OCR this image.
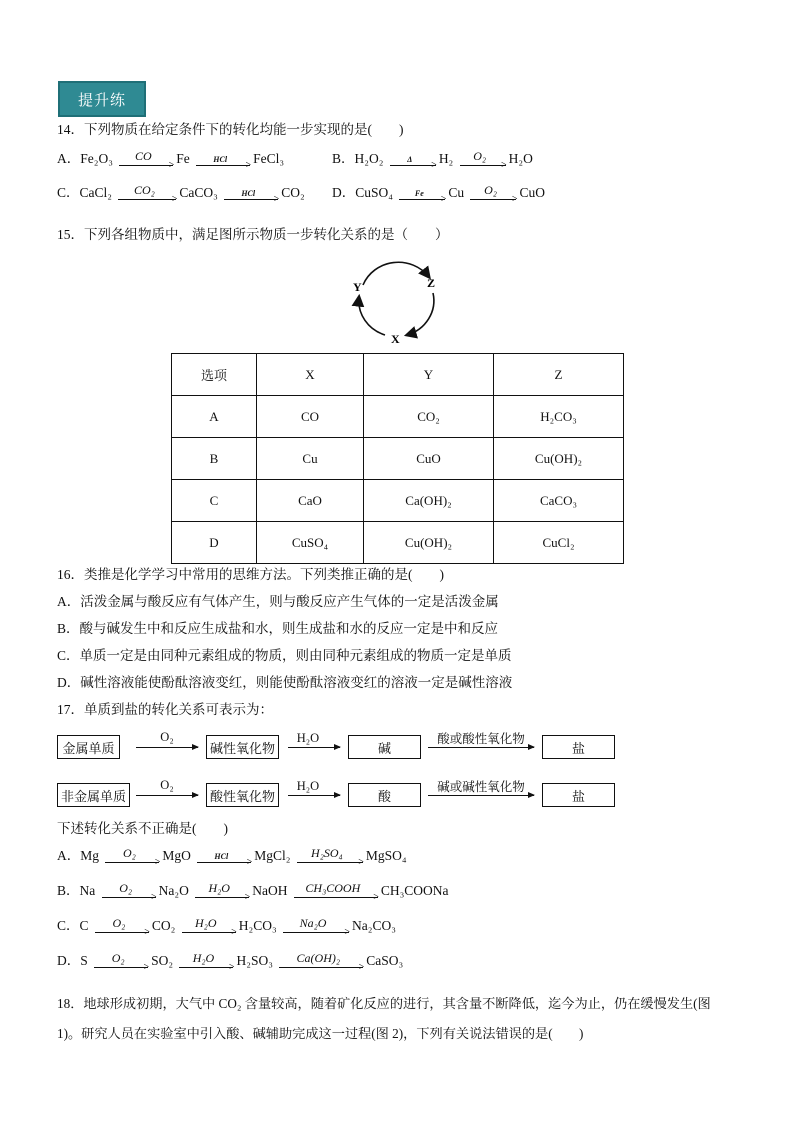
提升练
14．下列物质在给定条件下的转化均能一步实现的是(　　)
A．Fe₂O₃	CO
> Fe	HCl
> FeCl₃	B．H₂O₂	Δ
> H₂	O₂
> H₂O
C．CaCl₂	CO₂
> CaCO₃	HCl
> CO₂ D．CuSO₄	Fe
> Cu	O₂
> CuO
15．下列各组物质中，满足图所示物质一步转化关系的是（　　）
Y	Z
X
选项	X	Y	Z
A	CO	CO₂	H₂CO₃
B	Cu	CuO	Cu(OH)₂
C	CaO	Ca(OH)₂	CaCO₃
D	CuSO₄	Cu(OH)₂	CuCl₂
16．类推是化学学习中常用的思维方法。下列类推正确的是(　　)
A．活泼金属与酸反应有气体产生，则与酸反应产生气体的一定是活泼金属
B．酸与碱发生中和反应生成盐和水，则生成盐和水的反应一定是中和反应
C．单质一定是由同种元素组成的物质，则由同种元素组成的物质一定是单质
D．碱性溶液能使酚酞溶液变红，则能使酚酞溶液变红的溶液一定是碱性溶液
17．单质到盐的转化关系可表示为：
金属单质
O₂
碱性氧化物
H₂O
碱
酸或酸性氧化物
盐
非金属单质
O₂
酸性氧化物
H₂O
酸
碱或碱性氧化物
盐
下述转化关系不正确是(　　)
A．Mg	O₂
> MgO	HCl
> MgCl₂	H₂SO₄
> MgSO₄
B．Na	O₂
> Na₂O	H₂O
> NaOH	CH₃COOH
> CH₃COONa
C．C	O₂
> CO₂	H₂O
> H₂CO₃	Na₂O
> Na₂CO₃
D．S	O₂
> SO₂	H₂O
> H₂SO₃	Ca(OH)₂
> CaSO₃
18．地球形成初期，大气中 CO₂ 含量较高，随着矿化反应的进行，其含量不断降低，迄今为止，仍在缓慢发生(图
1)。研究人员在实验室中引入酸、碱辅助完成这一过程(图 2)，下列有关说法错误的是(　　)
